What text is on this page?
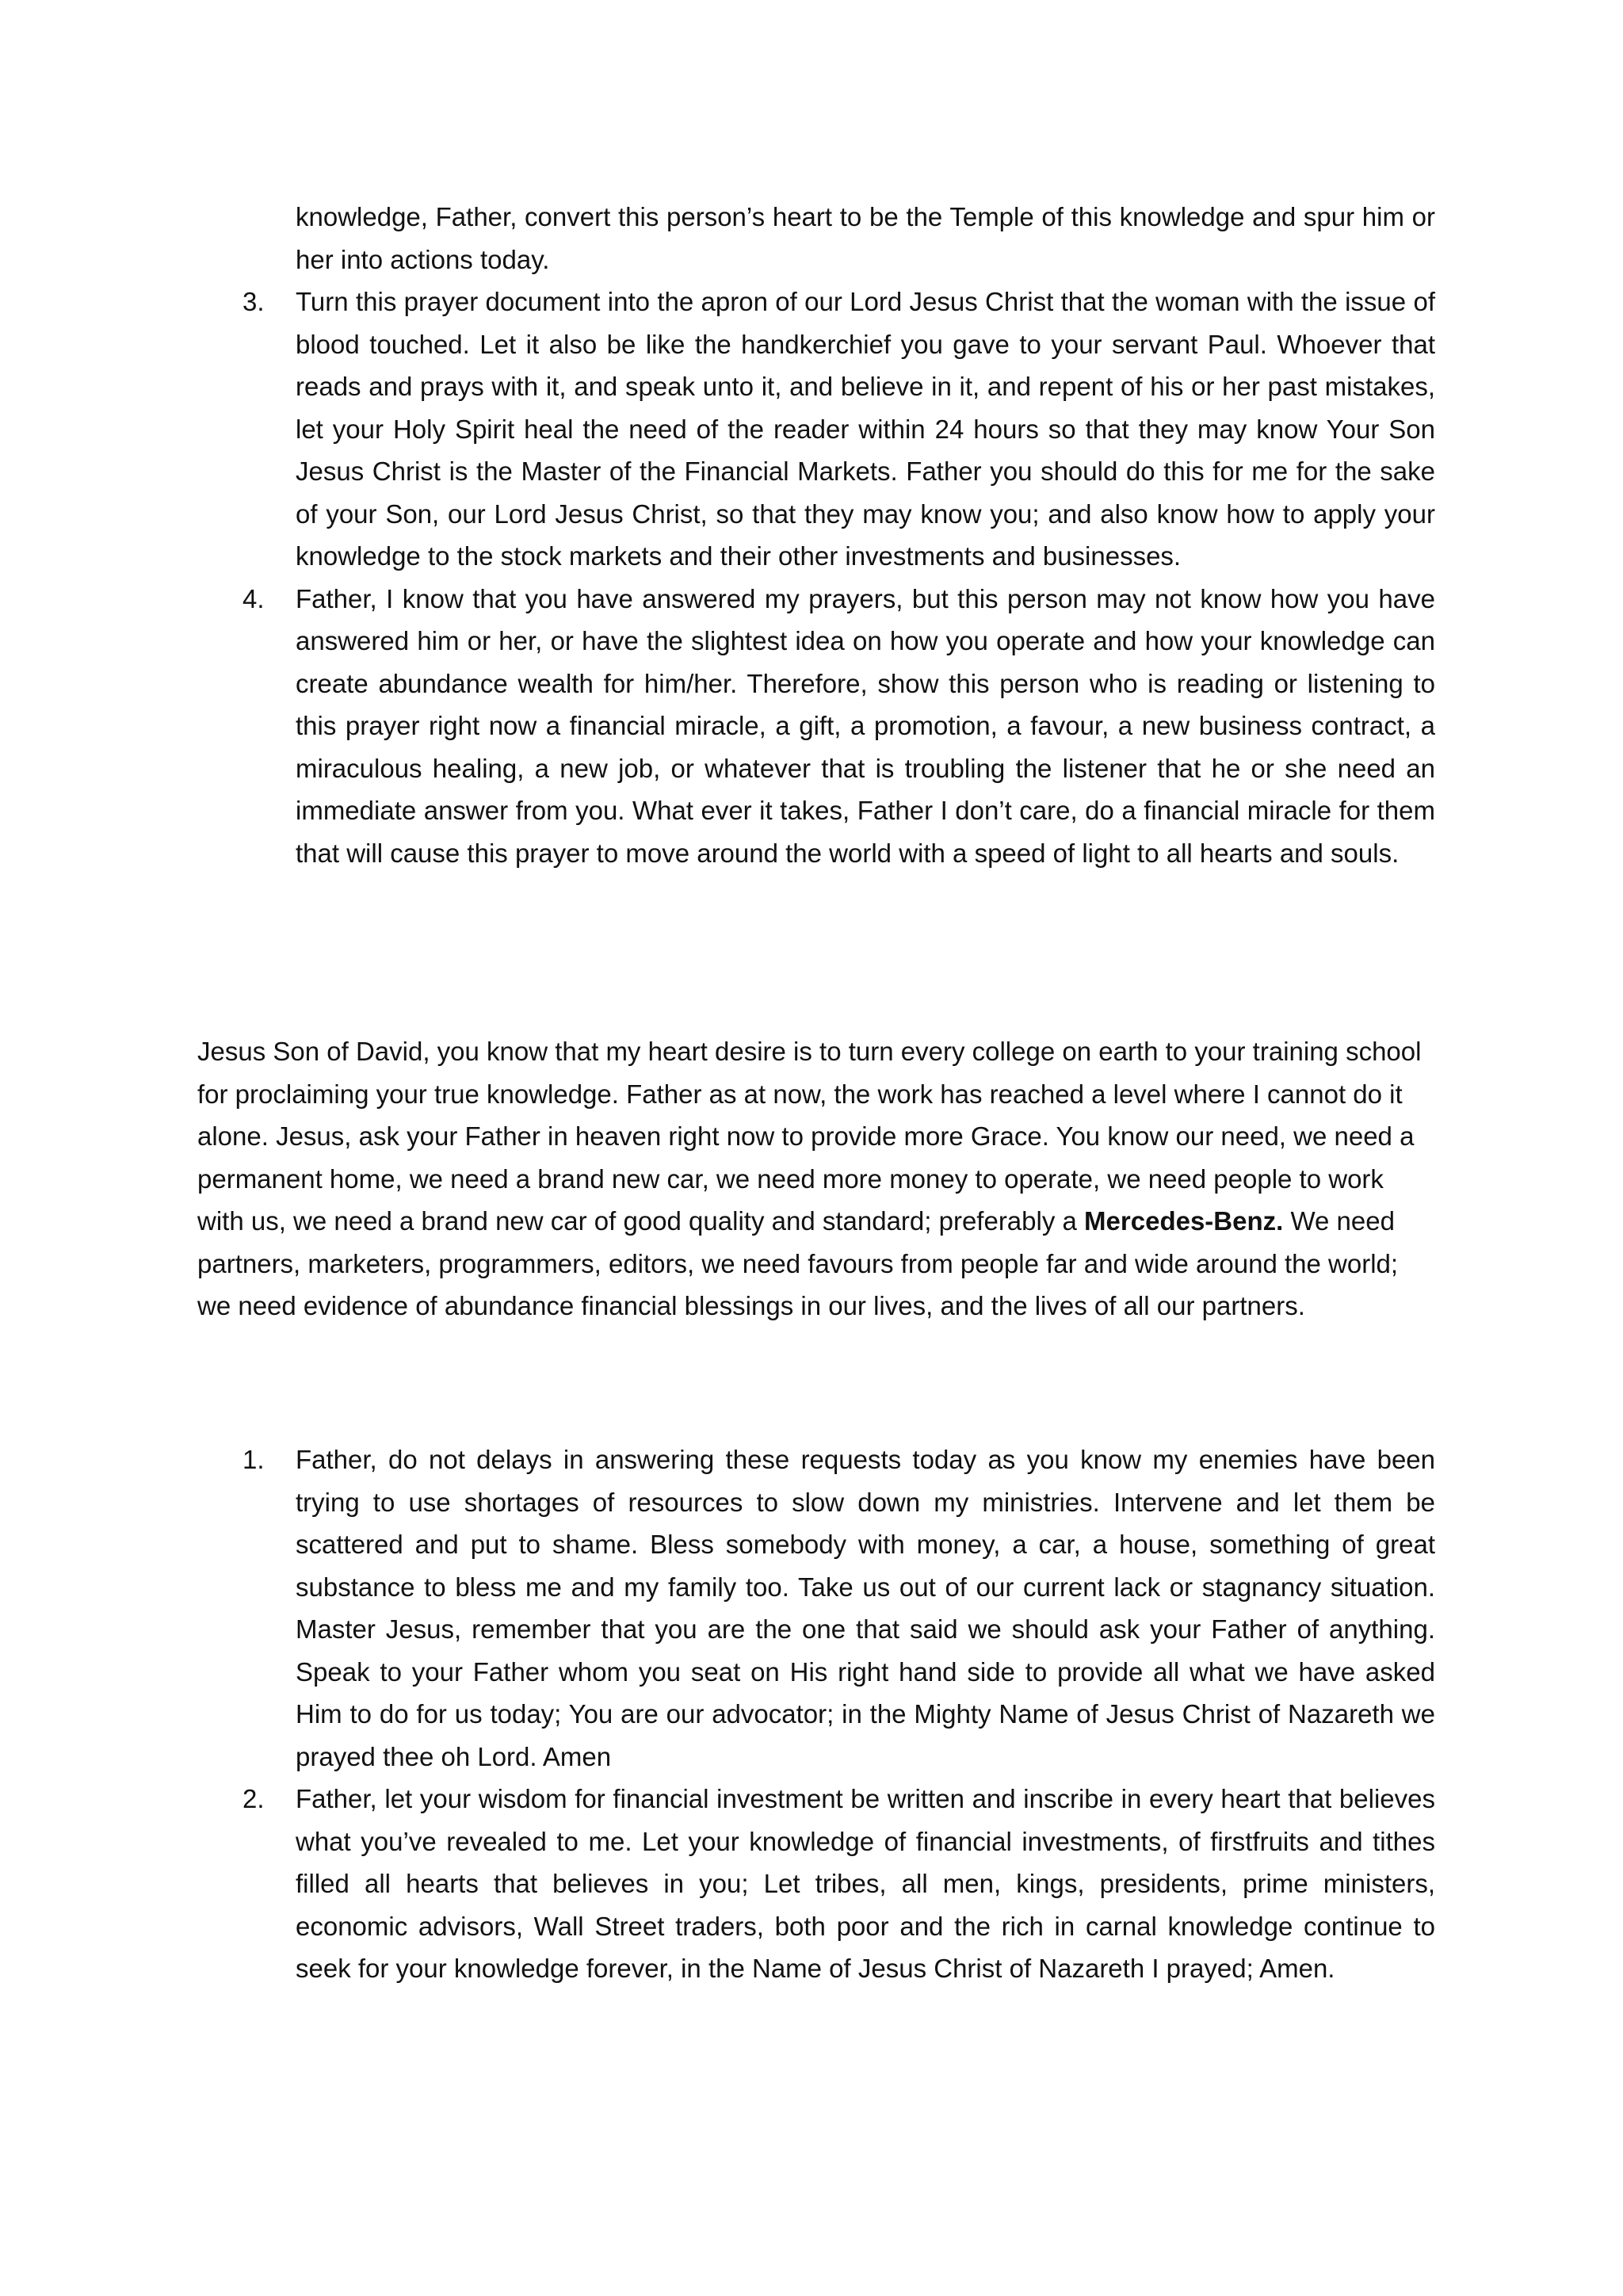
knowledge, Father, convert this person’s heart to be the Temple of this knowledge and spur him or her into actions today.
3.	Turn this prayer document into the apron of our Lord Jesus Christ that the woman with the issue of blood touched. Let it also be like the handkerchief you gave to your servant Paul. Whoever that reads and prays with it, and speak unto it, and believe in it, and repent of his or her past mistakes, let your Holy Spirit heal the need of the reader within 24 hours so that they may know Your Son Jesus Christ is the Master of the Financial Markets. Father you should do this for me for the sake of your Son, our Lord Jesus Christ, so that they may know you; and also know how to apply your knowledge to the stock markets and their other investments and businesses.
4.	Father, I know that you have answered my prayers, but this person may not know how you have answered him or her, or have the slightest idea on how you operate and how your knowledge can create abundance wealth for him/her. Therefore, show this person who is reading or listening to this prayer right now a financial miracle, a gift, a promotion, a favour, a new business contract, a miraculous healing, a new job, or whatever that is troubling the listener that he or she need an immediate answer from you. What ever it takes, Father I don’t care, do a financial miracle for them that will cause this prayer to move around the world with a speed of light to all hearts and souls.

Jesus Son of David, you know that my heart desire is to turn every college on earth to your training school for proclaiming your true knowledge. Father as at now, the work has reached a level where I cannot do it alone. Jesus, ask your Father in heaven right now to provide more Grace. You know our need, we need a permanent home, we need a brand new car, we need more money to operate, we need people to work with us, we need a brand new car of good quality and standard; preferably a Mercedes-Benz. We need partners, marketers, programmers, editors, we need favours from people far and wide around the world; we need evidence of abundance financial blessings in our lives, and the lives of all our partners.

1.	Father, do not delays in answering these requests today as you know my enemies have been trying to use shortages of resources to slow down my ministries. Intervene and let them be scattered and put to shame. Bless somebody with money, a car, a house, something of great substance to bless me and my family too. Take us out of our current lack or stagnancy situation. Master Jesus, remember that you are the one that said we should ask your Father of anything. Speak to your Father whom you seat on His right hand side to provide all what we have asked Him to do for us today; You are our advocator; in the Mighty Name of Jesus Christ of Nazareth we prayed thee oh Lord. Amen
2.	Father, let your wisdom for financial investment be written and inscribe in every heart that believes what you’ve revealed to me. Let your knowledge of financial investments, of firstfruits and tithes filled all hearts that believes in you; Let tribes, all men, kings, presidents, prime ministers, economic advisors, Wall Street traders, both poor and the rich in carnal knowledge continue to seek for your knowledge forever, in the Name of Jesus Christ of Nazareth I prayed; Amen.
